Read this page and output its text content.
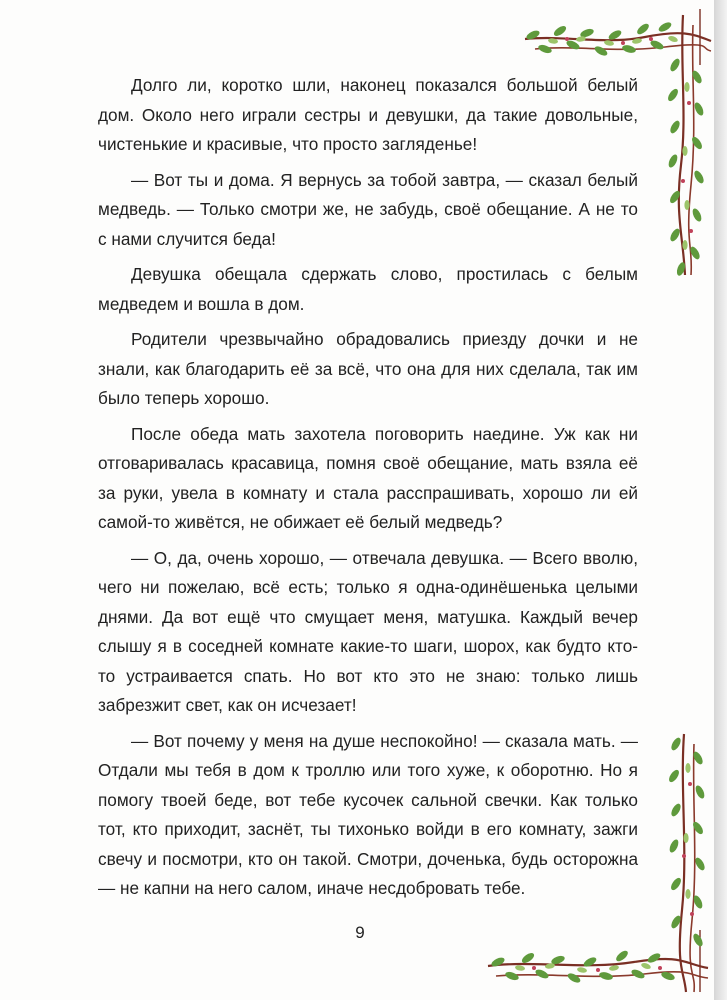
Долго ли, коротко шли, наконец показался большой белый дом. Около него играли сестры и девушки, да такие довольные, чистенькие и красивые, что просто загляденье!

— Вот ты и дома. Я вернусь за тобой завтра, — сказал белый медведь. — Только смотри же, не забудь, своё обещание. А не то с нами случится беда!

Девушка обещала сдержать слово, простилась с белым медведем и вошла в дом.

Родители чрезвычайно обрадовались приезду дочки и не знали, как благодарить её за всё, что она для них сделала, так им было теперь хорошо.

После обеда мать захотела поговорить наедине. Уж как ни отговаривалась красавица, помня своё обещание, мать взяла её за руки, увела в комнату и стала расспрашивать, хорошо ли ей самой-то живётся, не обижает её белый медведь?

— О, да, очень хорошо, — отвечала девушка. — Всего вволю, чего ни пожелаю, всё есть; только я одна-одинёшенька целыми днями. Да вот ещё что смущает меня, матушка. Каждый вечер слышу я в соседней комнате какие-то шаги, шорох, как будто кто-то устраивается спать. Но вот кто это не знаю: только лишь забрезжит свет, как он исчезает!

— Вот почему у меня на душе неспокойно! — сказала мать. — Отдали мы тебя в дом к троллю или того хуже, к оборотню. Но я помогу твоей беде, вот тебе кусочек сальной свечки. Как только тот, кто приходит, заснёт, ты тихонько войди в его комнату, зажги свечу и посмотри, кто он такой. Смотри, доченька, будь осторожна — не капни на него салом, иначе несдобровать тебе.

9
